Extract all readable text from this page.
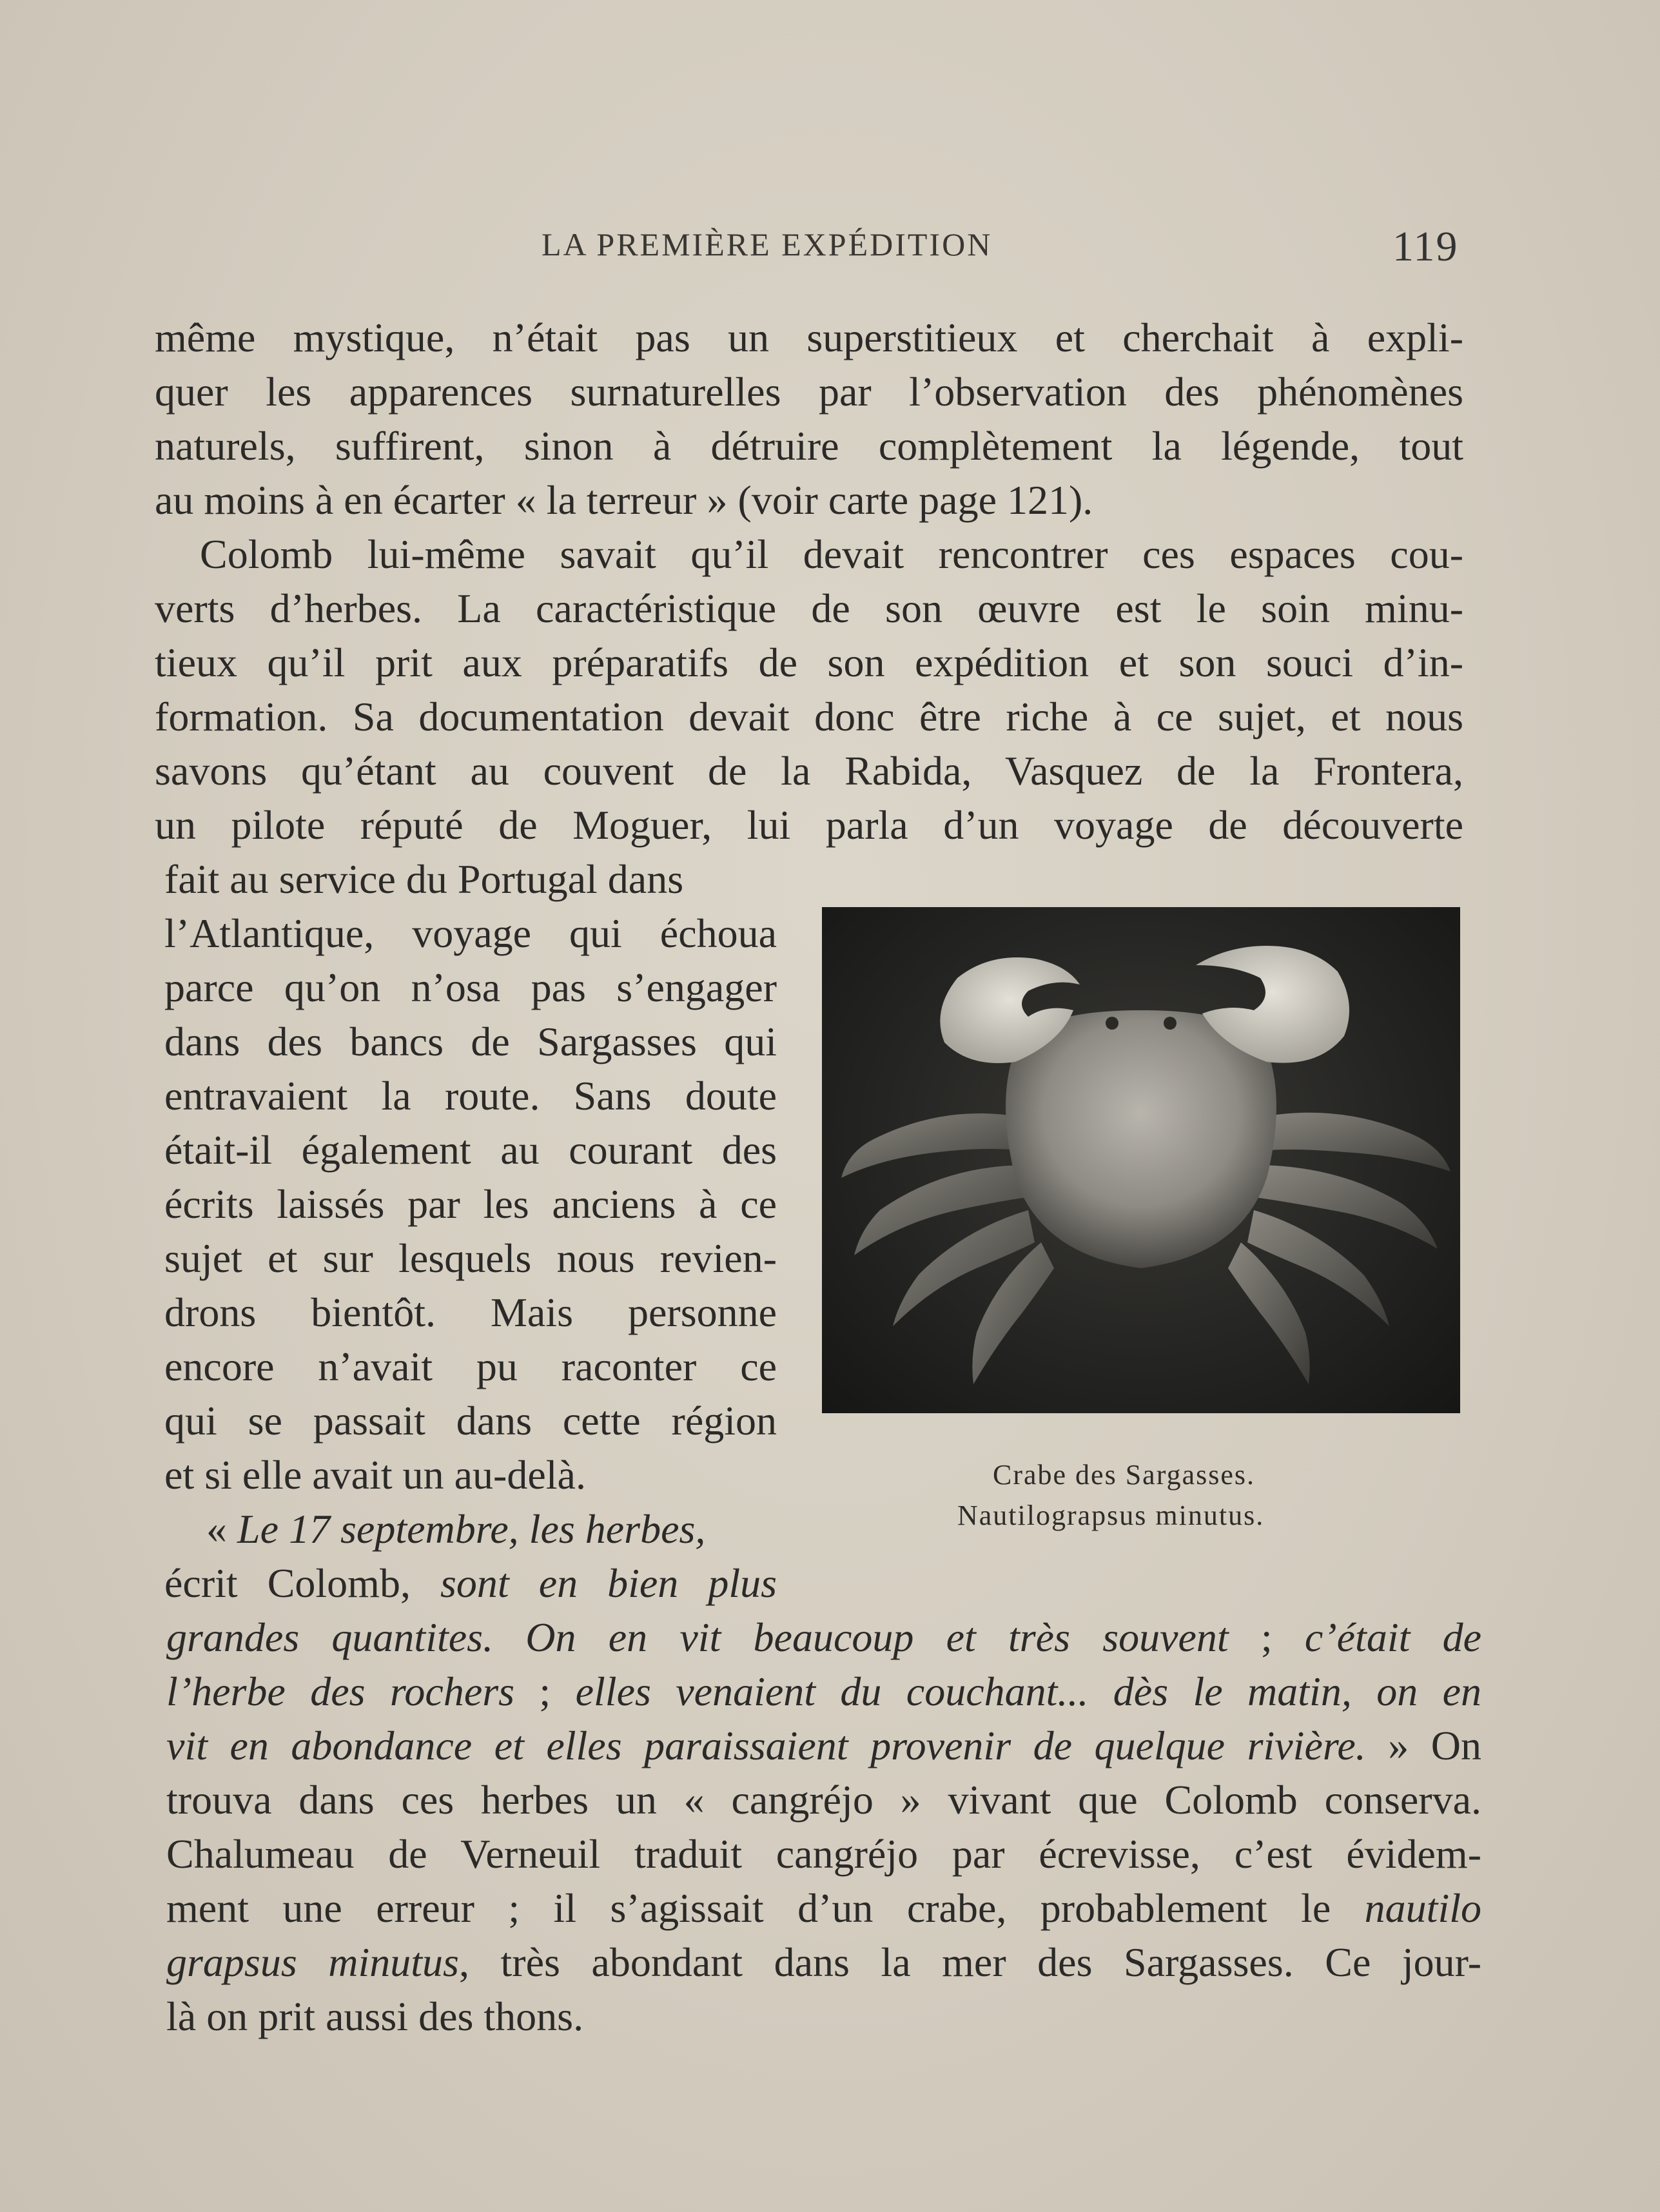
LA PREMIÈRE EXPÉDITION	119
même mystique, n’était pas un superstitieux et cherchait à expli-
quer les apparences surnaturelles par l’observation des phénomènes
naturels, suffirent, sinon à détruire complètement la légende, tout
au moins à en écarter « la terreur » (voir carte page 121).
Colomb lui-même savait qu’il devait rencontrer ces espaces cou-
verts d’herbes. La caractéristique de son œuvre est le soin minu-
tieux qu’il prit aux préparatifs de son expédition et son souci d’in-
formation. Sa documentation devait donc être riche à ce sujet, et nous
savons qu’étant au couvent de la Rabida, Vasquez de la Frontera,
un pilote réputé de Moguer, lui parla d’un voyage de découverte
fait au service du Portugal dans
l’Atlantique, voyage qui échoua
parce qu’on n’osa pas s’engager
dans des bancs de Sargasses qui
entravaient la route. Sans doute
était-il également au courant des
écrits laissés par les anciens à ce
sujet et sur lesquels nous revien-
drons bientôt. Mais personne
encore n’avait pu raconter ce
qui se passait dans cette région
et si elle avait un au-delà.
« Le 17 septembre, les herbes,
écrit Colomb, sont en bien plus
grandes quantites. On en vit beaucoup et très souvent ; c’était de
l’herbe des rochers ; elles venaient du couchant... dès le matin, on en
vit en abondance et elles paraissaient provenir de quelque rivière. » On
trouva dans ces herbes un « cangréjo » vivant que Colomb conserva.
Chalumeau de Verneuil traduit cangréjo par écrevisse, c’est évidem-
ment une erreur ; il s’agissait d’un crabe, probablement le nautilo
grapsus minutus, très abondant dans la mer des Sargasses. Ce jour-
là on prit aussi des thons.
Crabe des Sargasses.
Nautilograpsus minutus.
